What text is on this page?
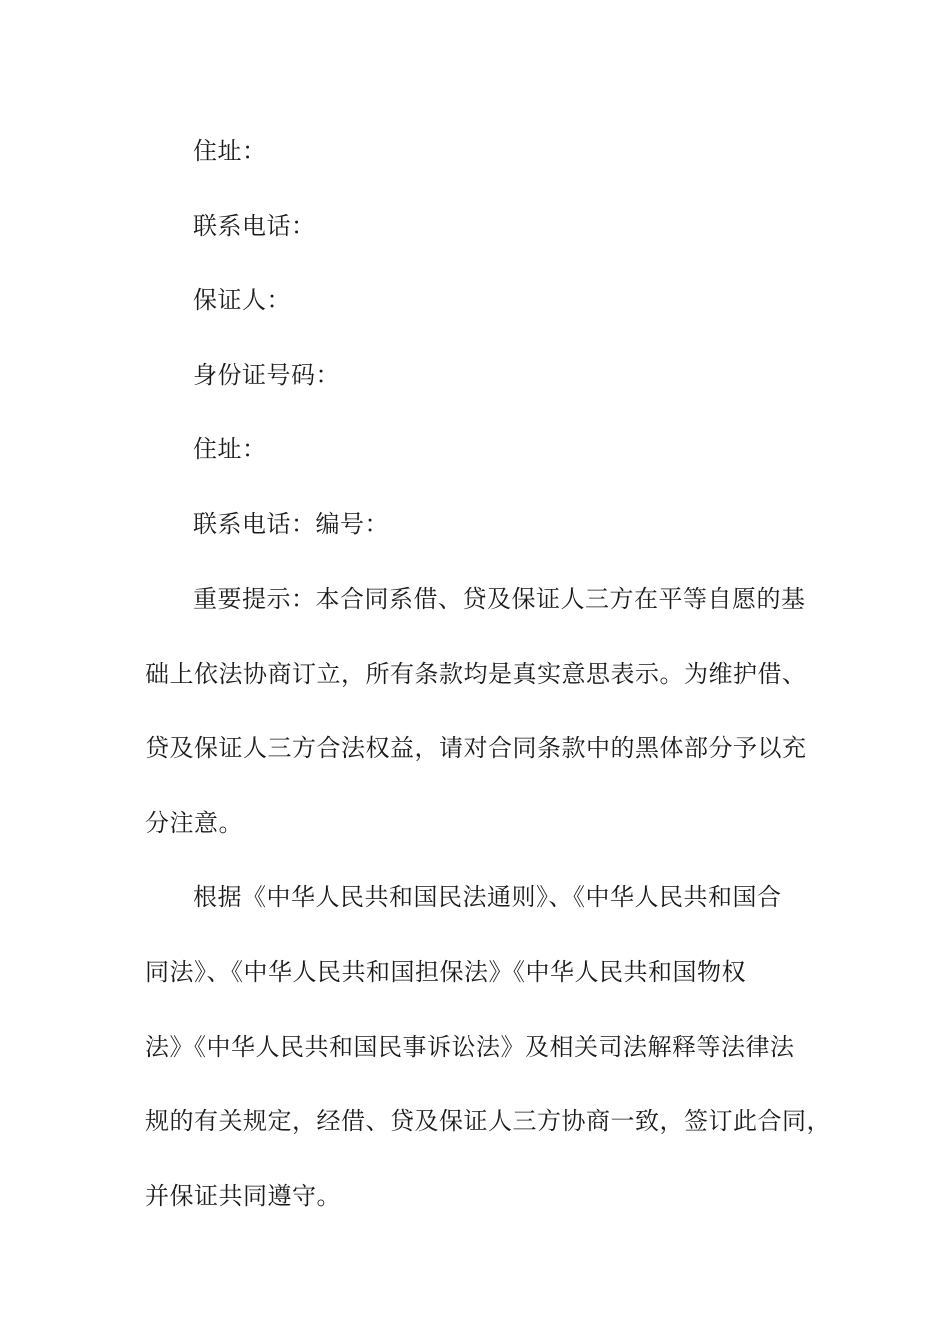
住址：
联系电话：
保证人：
身份证号码：
住址：
联系电话：编号：
重要提示：本合同系借、贷及保证人三方在平等自愿的基
础上依法协商订立，所有条款均是真实意思表示。为维护借、
贷及保证人三方合法权益，请对合同条款中的黑体部分予以充
分注意。
根据《中华人民共和国民法通则》、《中华人民共和国合
同法》、《中华人民共和国担保法》《中华人民共和国物权
法》《中华人民共和国民事诉讼法》及相关司法解释等法律法
规的有关规定，经借、贷及保证人三方协商一致，签订此合同，
并保证共同遵守。
